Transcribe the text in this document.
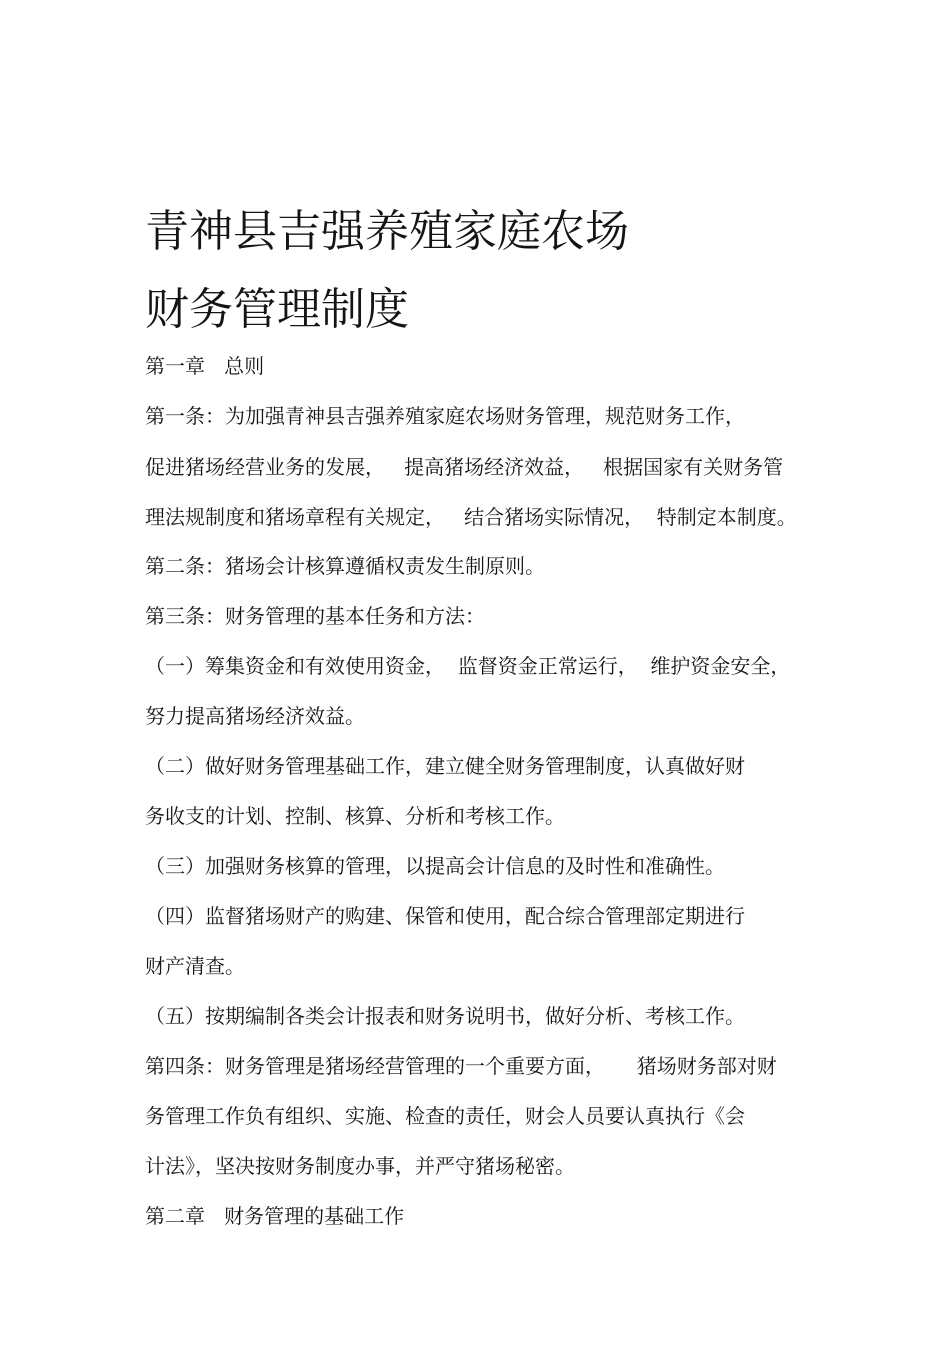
青神县吉强养殖家庭农场
财务管理制度

第一章   总则

第一条：为加强青神县吉强养殖家庭农场财务管理，规范财务工作，

促进猪场经营业务的发展，   提高猪场经济效益，   根据国家有关财务管

理法规制度和猪场章程有关规定，   结合猪场实际情况，  特制定本制度。

第二条：猪场会计核算遵循权责发生制原则。

第三条：财务管理的基本任务和方法：

（一）筹集资金和有效使用资金，  监督资金正常运行，  维护资金安全，

努力提高猪场经济效益。

（二）做好财务管理基础工作，建立健全财务管理制度，认真做好财

务收支的计划、控制、核算、分析和考核工作。

（三）加强财务核算的管理，以提高会计信息的及时性和准确性。

（四）监督猪场财产的购建、保管和使用，配合综合管理部定期进行

财产清查。

（五）按期编制各类会计报表和财务说明书，做好分析、考核工作。

第四条：财务管理是猪场经营管理的一个重要方面，     猪场财务部对财

务管理工作负有组织、实施、检查的责任，财会人员要认真执行《会

计法》，坚决按财务制度办事，并严守猪场秘密。

第二章   财务管理的基础工作
